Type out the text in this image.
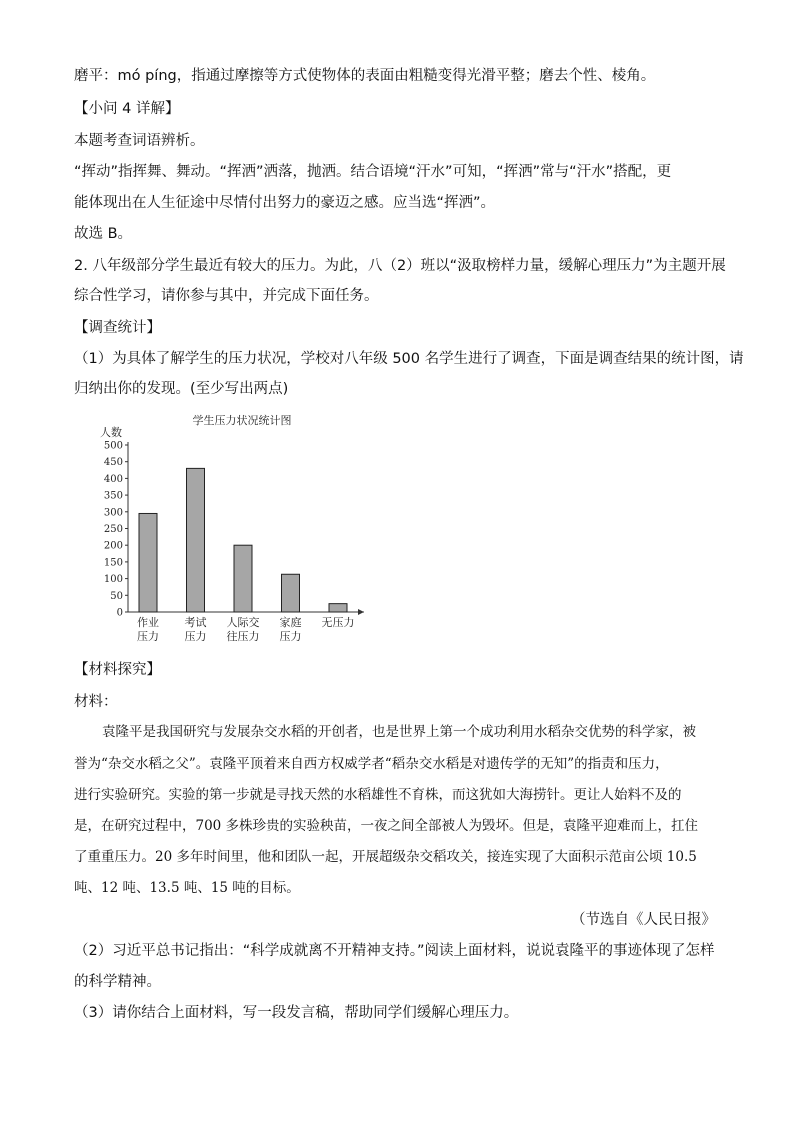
磨平：mó píng，指通过摩擦等方式使物体的表面由粗糙变得光滑平整；磨去个性、棱角。
【小问 4 详解】
本题考查词语辨析。
“挥动”指挥舞、舞动。“挥洒”洒落，抛洒。结合语境“汗水”可知，“挥洒”常与“汗水”搭配，更
能体现出在人生征途中尽情付出努力的豪迈之感。应当选“挥洒”。
故选 B。
2. 八年级部分学生最近有较大的压力。为此，八（2）班以“汲取榜样力量，缓解心理压力”为主题开展
综合性学习，请你参与其中，并完成下面任务。
【调查统计】
（1）为具体了解学生的压力状况，学校对八年级 500 名学生进行了调查，下面是调查结果的统计图，请
归纳出你的发现。(至少写出两点)
学生压力状况统计图
人数
0
50
100
150
200
250
300
350
400
450
500
作业
压力
考试
压力
人际交
往压力
家庭
压力
无压力
【材料探究】
材料：
袁隆平是我国研究与发展杂交水稻的开创者，也是世界上第一个成功利用水稻杂交优势的科学家，被
誉为“杂交水稻之父”。袁隆平顶着来自西方权威学者“稻杂交水稻是对遗传学的无知”的指责和压力，
进行实验研究。实验的第一步就是寻找天然的水稻雄性不育株，而这犹如大海捞针。更让人始料不及的
是，在研究过程中，700 多株珍贵的实验秧苗，一夜之间全部被人为毁坏。但是，袁隆平迎难而上，扛住
了重重压力。20 多年时间里，他和团队一起，开展超级杂交稻攻关，接连实现了大面积示范亩公顷 10.5
吨、12 吨、13.5 吨、15 吨的目标。
（节选自《人民日报》
（2）习近平总书记指出：“科学成就离不开精神支持。”阅读上面材料，说说袁隆平的事迹体现了怎样
的科学精神。
（3）请你结合上面材料，写一段发言稿，帮助同学们缓解心理压力。
